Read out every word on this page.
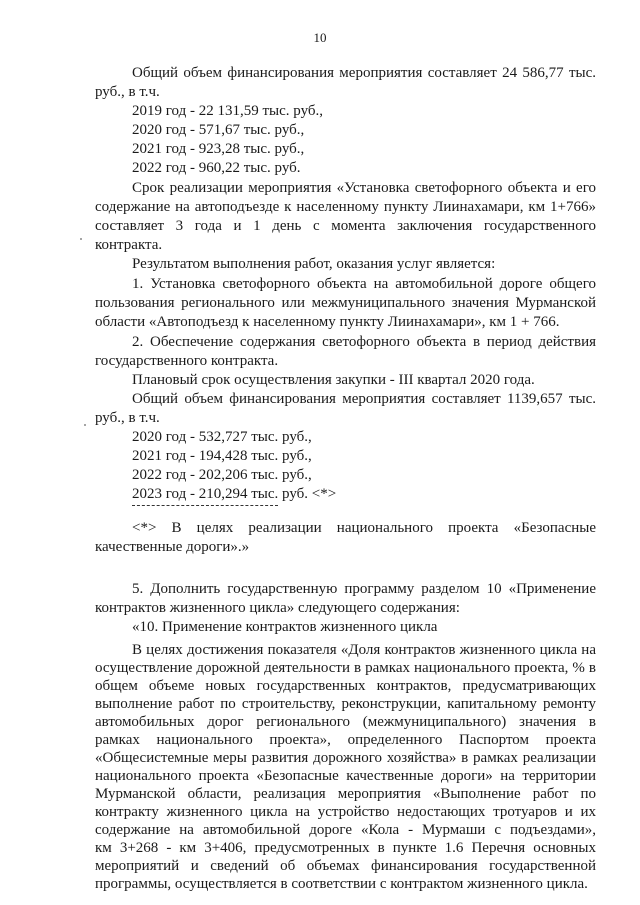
10
Общий объем финансирования мероприятия составляет 24 586,77 тыс.
руб., в т.ч.
2019 год - 22 131,59 тыс. руб.,
2020 год - 571,67 тыс. руб.,
2021 год - 923,28 тыс. руб.,
2022 год - 960,22 тыс. руб.
Срок реализации мероприятия «Установка светофорного объекта и его
содержание на автоподъезде к населенному пункту Лиинахамари, км 1+766»
составляет 3 года и 1 день с момента заключения государственного
контракта.
Результатом выполнения работ, оказания услуг является:
1. Установка светофорного объекта на автомобильной дороге общего
пользования регионального или межмуниципального значения Мурманской
области «Автоподъезд к населенному пункту Лиинахамари», км 1 + 766.
2. Обеспечение содержания светофорного объекта в период действия
государственного контракта.
Плановый срок осуществления закупки - III квартал 2020 года.
Общий объем финансирования мероприятия составляет 1139,657 тыс.
руб., в т.ч.
2020 год - 532,727 тыс. руб.,
2021 год - 194,428 тыс. руб.,
2022 год - 202,206 тыс. руб.,
2023 год - 210,294 тыс. руб. <*>
<*> В целях реализации национального проекта «Безопасные
качественные дороги».»
5. Дополнить государственную программу разделом 10 «Применение
контрактов жизненного цикла» следующего содержания:
«10. Применение контрактов жизненного цикла
В целях достижения показателя «Доля контрактов жизненного цикла на
осуществление дорожной деятельности в рамках национального проекта, % в
общем объеме новых государственных контрактов, предусматривающих
выполнение работ по строительству, реконструкции, капитальному ремонту
автомобильных дорог регионального (межмуниципального) значения в
рамках национального проекта», определенного Паспортом проекта
«Общесистемные меры развития дорожного хозяйства» в рамках реализации
национального проекта «Безопасные качественные дороги» на территории
Мурманской области, реализация мероприятия «Выполнение работ по
контракту жизненного цикла на устройство недостающих тротуаров и их
содержание на автомобильной дороге «Кола - Мурмаши с подъездами»,
км 3+268 - км 3+406, предусмотренных в пункте 1.6 Перечня основных
мероприятий и сведений об объемах финансирования государственной
программы, осуществляется в соответствии с контрактом жизненного цикла.
